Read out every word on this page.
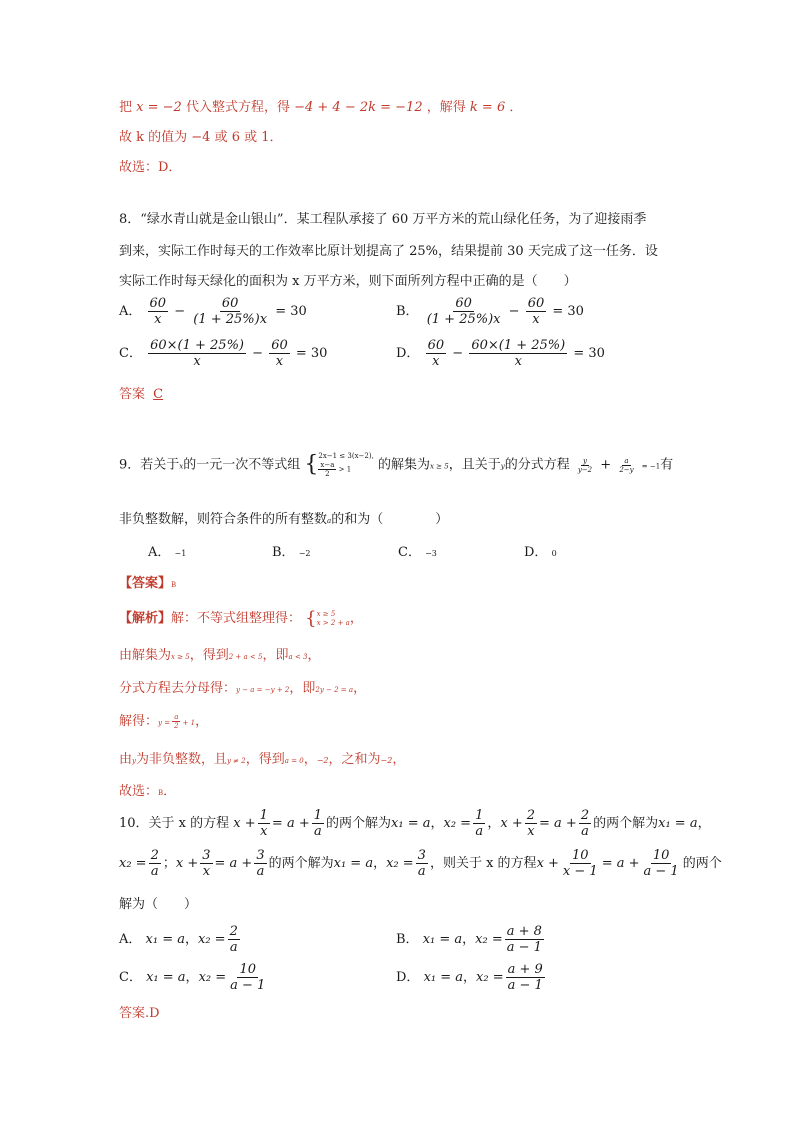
把 x = −2 代入整式方程，得 −4 + 4 − 2k = −12 ，解得 k = 6 ．
故 k 的值为 −4 或 6 或 1．
故选：D．
8．“绿水青山就是金山银山”．某工程队承接了 60 万平方米的荒山绿化任务，为了迎接雨季
到来，实际工作时每天的工作效率比原计划提高了 25%，结果提前 30 天完成了这一任务．设
实际工作时每天绿化的面积为 x 万平方米，则下面所列方程中正确的是（　　）
A． $\frac{60}{x} - \frac{60}{(1 + 25\%)x} = 30$	B． $\frac{60}{(1 + 25\%)x} - \frac{60}{x} = 30$
C． $\frac{60\times(1 + 25\%)}{x} - \frac{60}{x} = 30$	D． $\frac{60}{x} - \frac{60\times(1 + 25\%)}{x} = 30$
答案 C
9．若关于x的一元一次不等式组 { 2x−1 ≤ 3(x−2),
$\frac{x-a}{2} > 1$	的解集为x ≥ 5，且关于y的分式方程 $\frac{y}{y-2} + \frac{a}{2-y} = -1$有
非负整数解，则符合条件的所有整数a的和为（　　　　）
A． −1	B． −2	C． −3	D． 0
【答案】B
【解析】解：不等式组整理得： { x ≥ 5
x > 2 + a ，
由解集为x ≥ 5，得到2 + a < 5，即a < 3，
分式方程去分母得：y − a = −y + 2，即2y − 2 = a，
解得：$y = \frac{a}{2} + 1$，
由y为非负整数，且y ≠ 2，得到a = 0，−2，之和为−2，
故选：B．
10．关于 x 的方程 $x + \frac{1}{x} = a + \frac{1}{a}$ 的两个解为x₁ = a，$x_2 = \frac{1}{a}$ ，$x + \frac{2}{x} = a + \frac{2}{a}$ 的两个解为x₁ = a，
$x_2 = \frac{2}{a}$ ；$x + \frac{3}{x} = a + \frac{3}{a}$ 的两个解为x₁ = a，$x_2 = \frac{3}{a}$ ，则关于 x 的方程$x + \frac{10}{x - 1} = a + \frac{10}{a - 1}$ 的两个
解为（　　）
A． x₁ = a，$x_2 = \frac{2}{a}$	B． x₁ = a，$x_2 = \frac{a + 8}{a - 1}$
C． x₁ = a，$x_2 = \frac{10}{a - 1}$	D． x₁ = a，$x_2 = \frac{a + 9}{a - 1}$
答案.D
